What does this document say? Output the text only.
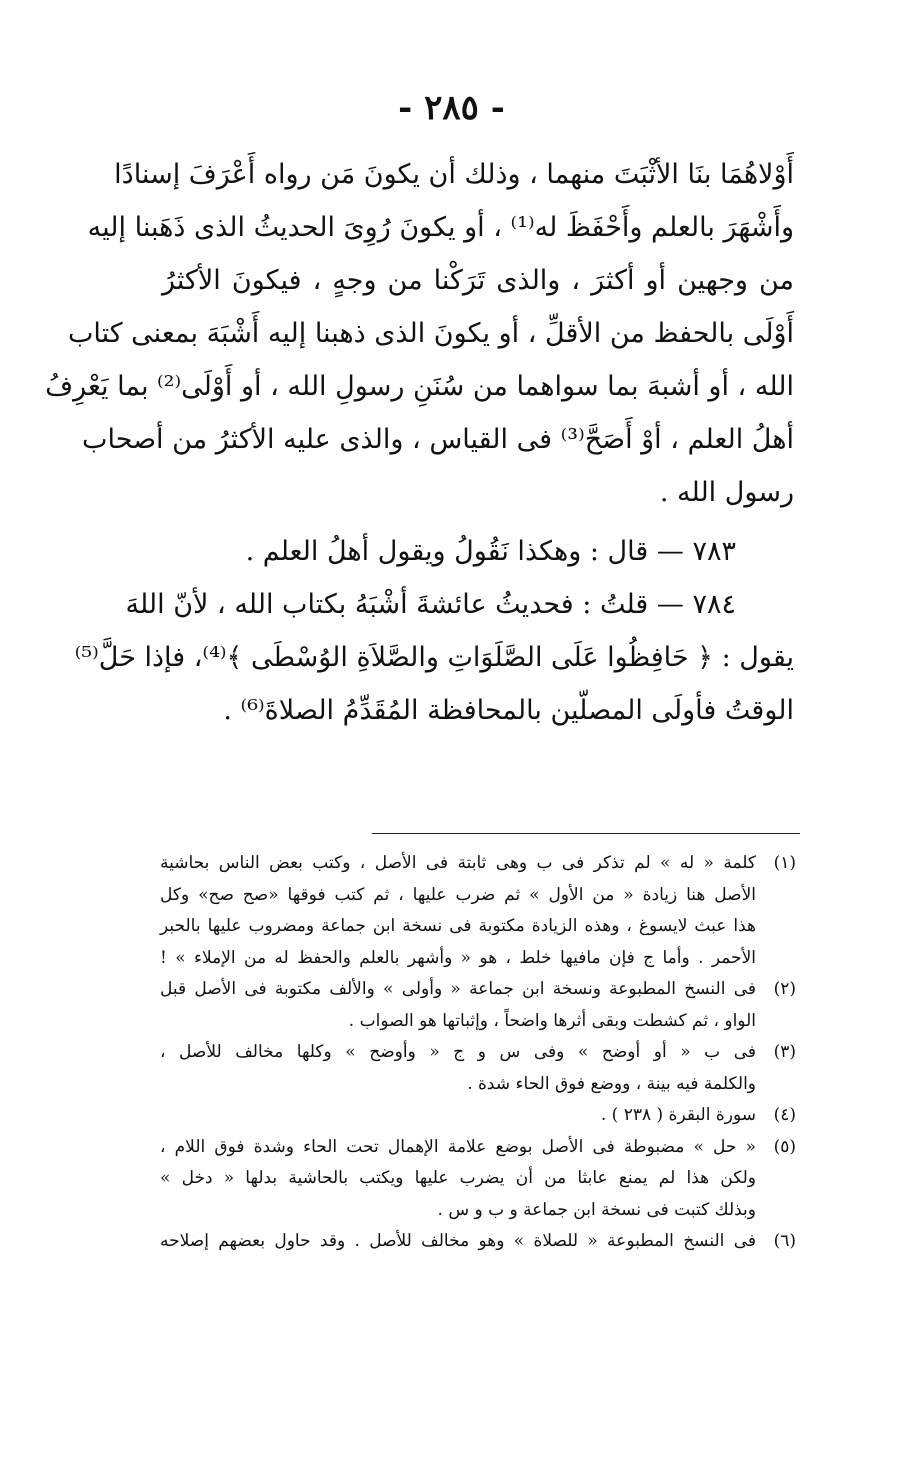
- ٢٨٥ -
أَوْلاهُمَا بنَا الأثْبَتَ منهما ، وذلك أن يكونَ مَن رواه أَعْرَفَ إسنادًا
وأَشْهَرَ بالعلم وأَحْفَظَ له⁽¹⁾ ، أو يكونَ رُوِىَ الحديثُ الذى ذَهَبنا إليه
من وجهين أو أكثرَ ، والذى تَرَكْنا من وجهٍ ، فيكونَ الأكثرُ
أَوْلَى بالحفظ من الأقلِّ ، أو يكونَ الذى ذهبنا إليه أَشْبَهَ بمعنى كتاب
الله ، أو أشبهَ بما سواهما من سُنَنِ رسولِ الله ، أو أَوْلَى⁽²⁾ بما يَعْرِفُ
أهلُ العلم ، أوْ أَصَحَّ⁽³⁾ فى القياس ، والذى عليه الأكثرُ من أصحاب
رسول الله .
٧٨٣ — قال : وهكذا نَقُولُ ويقول أهلُ العلم .
٧٨٤ — قلتُ : فحديثُ عائشةَ أشْبَهُ بكتاب الله ، لأنّ اللهَ
يقول : ﴿ حَافِظُوا عَلَى الصَّلَوَاتِ والصَّلاَةِ الوُسْطَى ﴾⁽⁴⁾، فإذا حَلَّ⁽⁵⁾
الوقتُ فأولَى المصلّين بالمحافظة المُقَدِّمُ الصلاةَ⁽⁶⁾ .
(١)كلمة « له » لم تذكر فى ب وهى ثابتة فى الأصل ، وكتب بعض الناس بحاشية
الأصل هنا زيادة « من الأول » ثم ضرب عليها ، ثم كتب فوقها «صح صح» وكل
هذا عبث لايسوغ ، وهذه الزيادة مكتوبة فى نسخة ابن جماعة ومضروب عليها بالحبر
الأحمر . وأما ج فإن مافيها خلط ، هو « وأشهر بالعلم والحفظ له من الإملاء » !
(٢)فى النسخ المطبوعة ونسخة ابن جماعة « وأولى » والألف مكتوبة فى الأصل قبل
الواو ، ثم كشطت وبقى أثرها واضحاً ، وإثباتها هو الصواب .
(٣)فى ب « أو أوضح » وفى س و ج « وأوضح » وكلها مخالف للأصل ،
والكلمة فيه بينة ، ووضع فوق الحاء شدة .
(٤)سورة البقرة ( ٢٣٨ ) .
(٥)« حل » مضبوطة فى الأصل بوضع علامة الإهمال تحت الحاء وشدة فوق اللام ،
ولكن هذا لم يمنع عابثا من أن يضرب عليها ويكتب بالحاشية بدلها « دخل »
وبذلك كتبت فى نسخة ابن جماعة و ب و س .
(٦)فى النسخ المطبوعة « للصلاة » وهو مخالف للأصل . وقد حاول بعضهم إصلاحه
